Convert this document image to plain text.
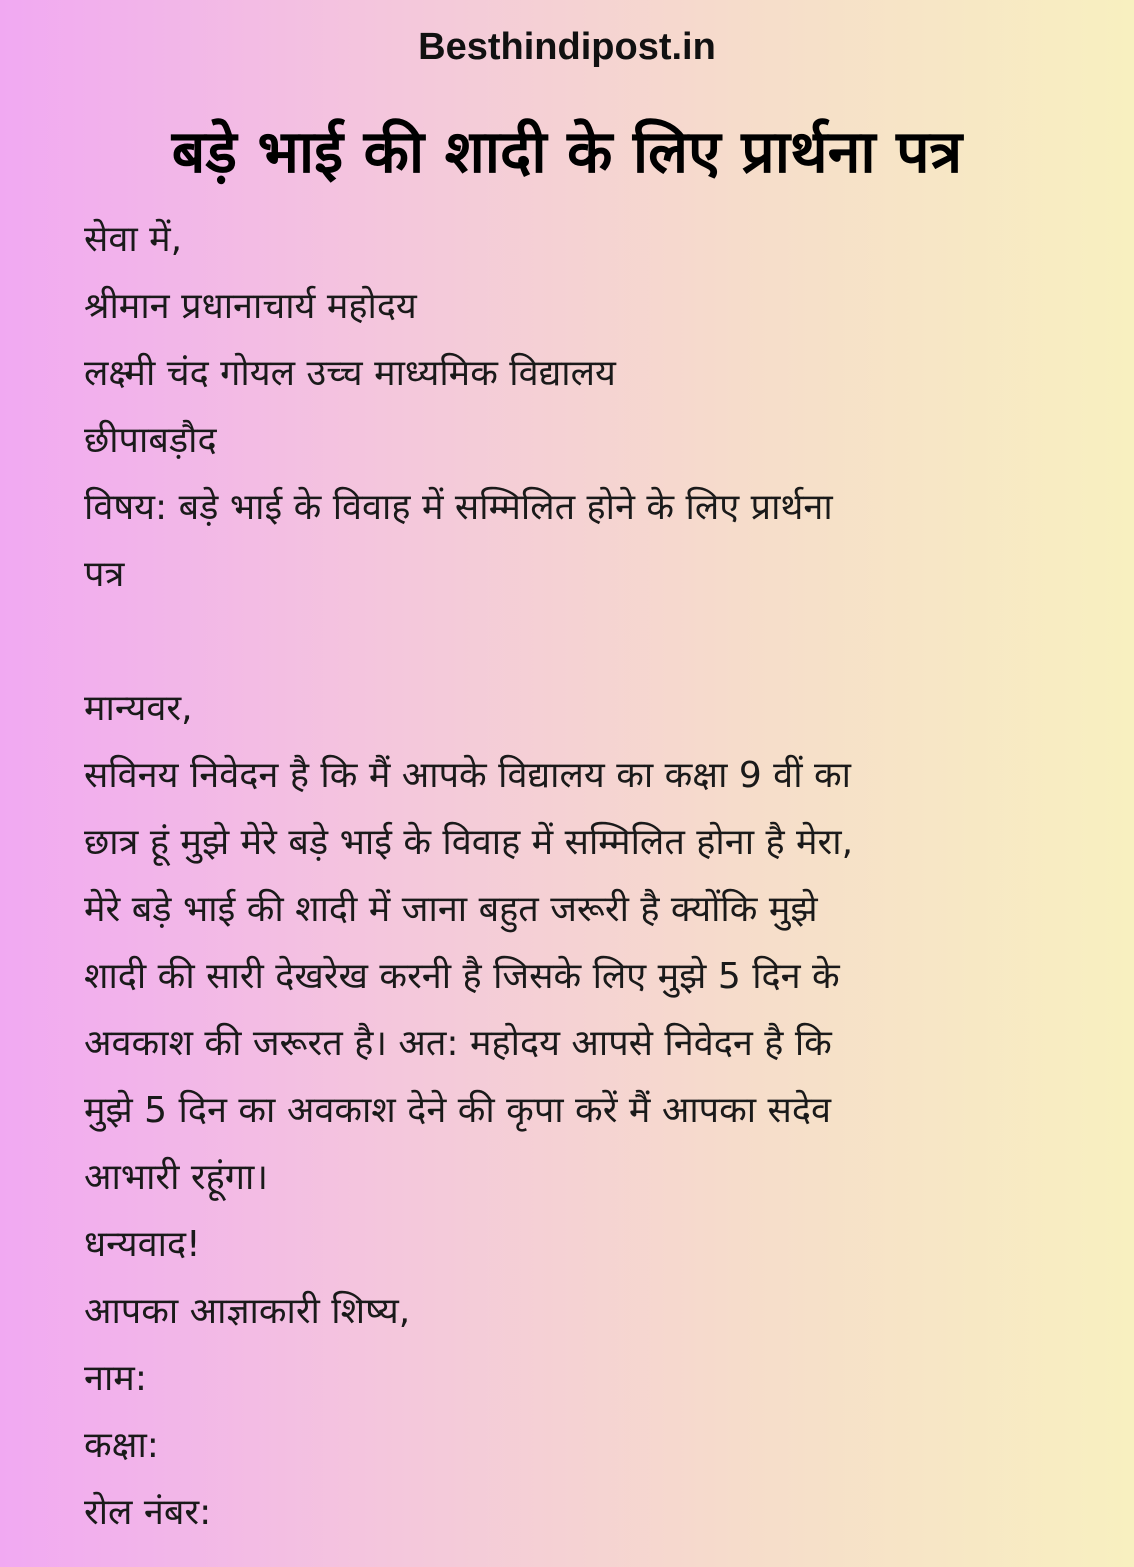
Besthindipost.in
बड़े भाई की शादी के लिए प्रार्थना पत्र
सेवा में,
श्रीमान प्रधानाचार्य महोदय
लक्ष्मी चंद गोयल उच्च माध्यमिक विद्यालय
छीपाबड़ौद
विषय: बड़े भाई के विवाह में सम्मिलित होने के लिए प्रार्थना
पत्र
मान्यवर,
सविनय निवेदन है कि मैं आपके विद्यालय का कक्षा 9 वीं का
छात्र हूं मुझे मेरे बड़े भाई के विवाह में सम्मिलित होना है मेरा,
मेरे बड़े भाई की शादी में जाना बहुत जरूरी है क्योंकि मुझे
शादी की सारी देखरेख करनी है जिसके लिए मुझे 5 दिन के
अवकाश की जरूरत है। अत: महोदय आपसे निवेदन है कि
मुझे 5 दिन का अवकाश देने की कृपा करें मैं आपका सदेव
आभारी रहूंगा।
धन्यवाद!
आपका आज्ञाकारी शिष्य,
नाम:
कक्षा:
रोल नंबर:
